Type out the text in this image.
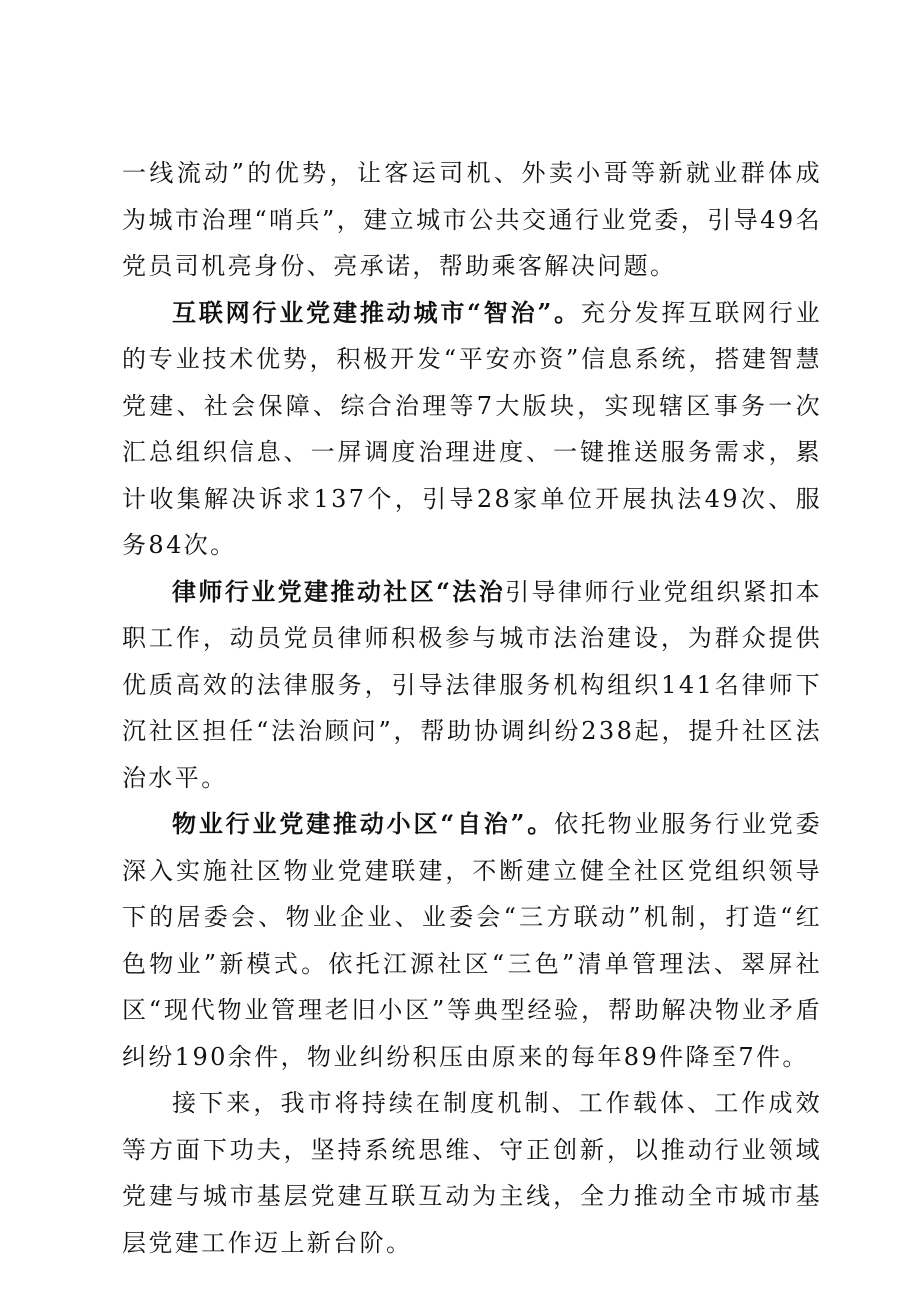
一线流动”的优势，让客运司机、外卖小哥等新就业群体成为城市治理“哨兵”，建立城市公共交通行业党委，引导49名党员司机亮身份、亮承诺，帮助乘客解决问题。

互联网行业党建推动城市“智治”。充分发挥互联网行业的专业技术优势，积极开发“平安亦资”信息系统，搭建智慧党建、社会保障、综合治理等7大版块，实现辖区事务一次汇总组织信息、一屏调度治理进度、一键推送服务需求，累计收集解决诉求137个，引导28家单位开展执法49次、服务84次。

律师行业党建推动社区“法治引导律师行业党组织紧扣本职工作，动员党员律师积极参与城市法治建设，为群众提供优质高效的法律服务，引导法律服务机构组织141名律师下沉社区担任“法治顾问”，帮助协调纠纷238起，提升社区法治水平。

物业行业党建推动小区“自治”。依托物业服务行业党委深入实施社区物业党建联建，不断建立健全社区党组织领导下的居委会、物业企业、业委会“三方联动”机制，打造“红色物业”新模式。依托江源社区“三色”清单管理法、翠屏社区“现代物业管理老旧小区”等典型经验，帮助解决物业矛盾纠纷190余件，物业纠纷积压由原来的每年89件降至7件。

接下来，我市将持续在制度机制、工作载体、工作成效等方面下功夫，坚持系统思维、守正创新，以推动行业领域党建与城市基层党建互联互动为主线，全力推动全市城市基层党建工作迈上新台阶。
